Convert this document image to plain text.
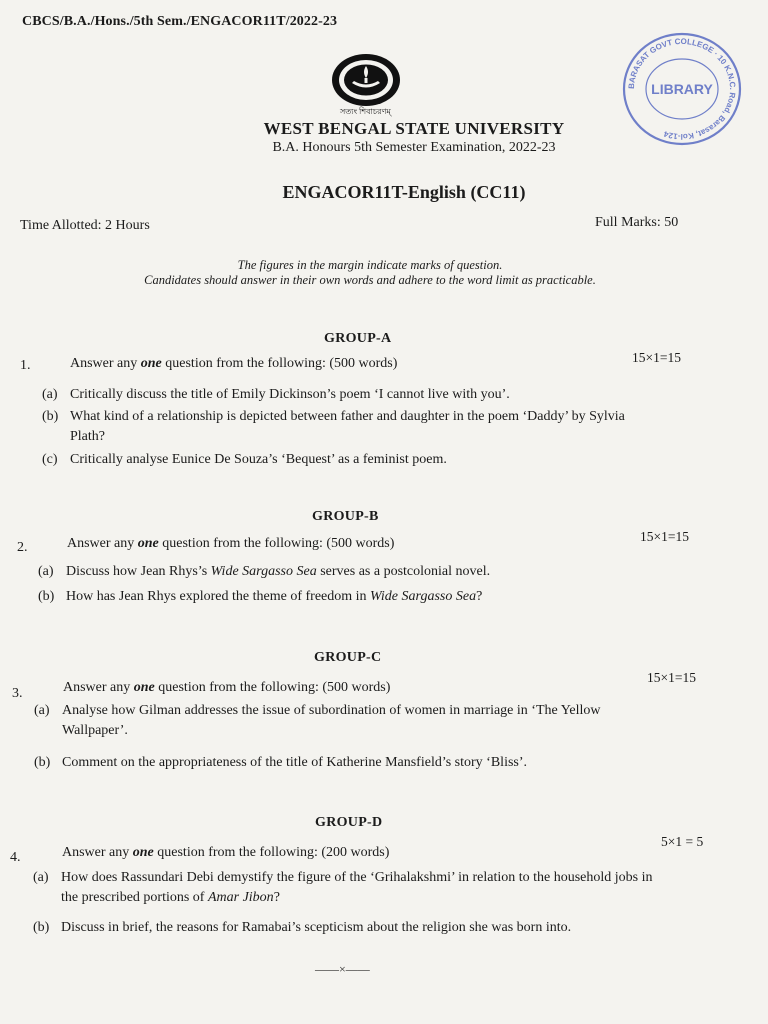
CBCS/B.A./Hons./5th Sem./ENGACOR11T/2022-23
BARASAT GOVT COLLEGE · 10 K.N.C. Road, Barasat, Kol-124
LIBRARY
সত্যং শিবাচরণম্
WEST BENGAL STATE UNIVERSITY
B.A. Honours 5th Semester Examination, 2022-23
ENGACOR11T-English (CC11)
Time Allotted: 2 Hours	Full Marks: 50
The figures in the margin indicate marks of question.
Candidates should answer in their own words and adhere to the word limit as practicable.
GROUP-A
1.	Answer any one question from the following: (500 words)	15×1=15
(a) Critically discuss the title of Emily Dickinson’s poem ‘I cannot live with you’.
(b) What kind of a relationship is depicted between father and daughter in the poem ‘Daddy’ by Sylvia Plath?
(c) Critically analyse Eunice De Souza’s ‘Bequest’ as a feminist poem.
GROUP-B
2.	Answer any one question from the following: (500 words)	15×1=15
(a) Discuss how Jean Rhys’s Wide Sargasso Sea serves as a postcolonial novel.
(b) How has Jean Rhys explored the theme of freedom in Wide Sargasso Sea?
GROUP-C
3.	Answer any one question from the following: (500 words)
15×1=15
(a) Analyse how Gilman addresses the issue of subordination of women in marriage in ‘The Yellow Wallpaper’.
(b) Comment on the appropriateness of the title of Katherine Mansfield’s story ‘Bliss’.
GROUP-D
4.	Answer any one question from the following: (200 words)
5×1 = 5
(a) How does Rassundari Debi demystify the figure of the ‘Grihalakshmi’ in relation to the household jobs in the prescribed portions of Amar Jibon?
(b) Discuss in brief, the reasons for Ramabai’s scepticism about the religion she was born into.
——×——
